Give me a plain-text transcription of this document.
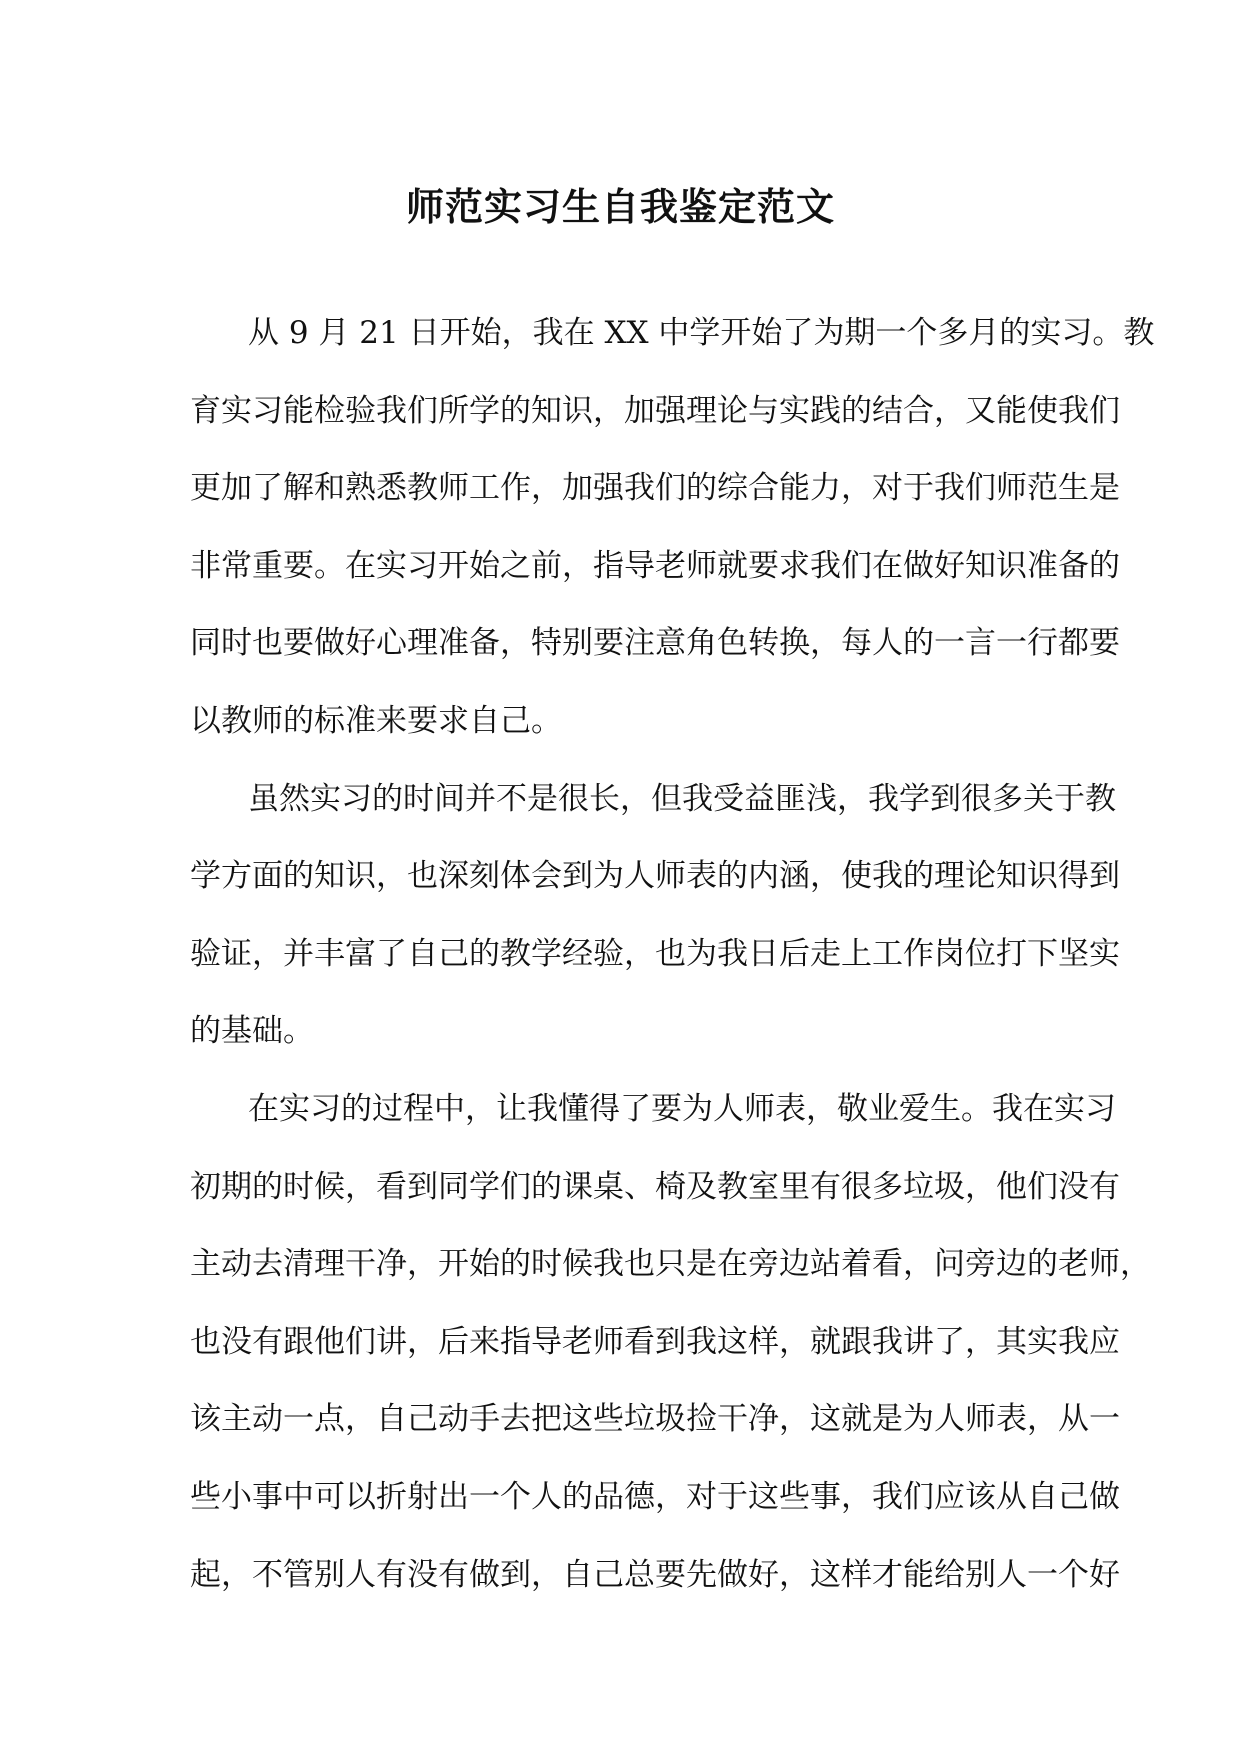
师范实习生自我鉴定范文
从 9 月 21 日开始，我在 XX 中学开始了为期一个多月的实习。教
育实习能检验我们所学的知识，加强理论与实践的结合，又能使我们
更加了解和熟悉教师工作，加强我们的综合能力，对于我们师范生是
非常重要。在实习开始之前，指导老师就要求我们在做好知识准备的
同时也要做好心理准备，特别要注意角色转换，每人的一言一行都要
以教师的标准来要求自己。
虽然实习的时间并不是很长，但我受益匪浅，我学到很多关于教
学方面的知识，也深刻体会到为人师表的内涵，使我的理论知识得到
验证，并丰富了自己的教学经验，也为我日后走上工作岗位打下坚实
的基础。
在实习的过程中，让我懂得了要为人师表，敬业爱生。我在实习
初期的时候，看到同学们的课桌、椅及教室里有很多垃圾，他们没有
主动去清理干净，开始的时候我也只是在旁边站着看，问旁边的老师，
也没有跟他们讲，后来指导老师看到我这样，就跟我讲了，其实我应
该主动一点，自己动手去把这些垃圾捡干净，这就是为人师表，从一
些小事中可以折射出一个人的品德，对于这些事，我们应该从自己做
起，不管别人有没有做到，自己总要先做好，这样才能给别人一个好
